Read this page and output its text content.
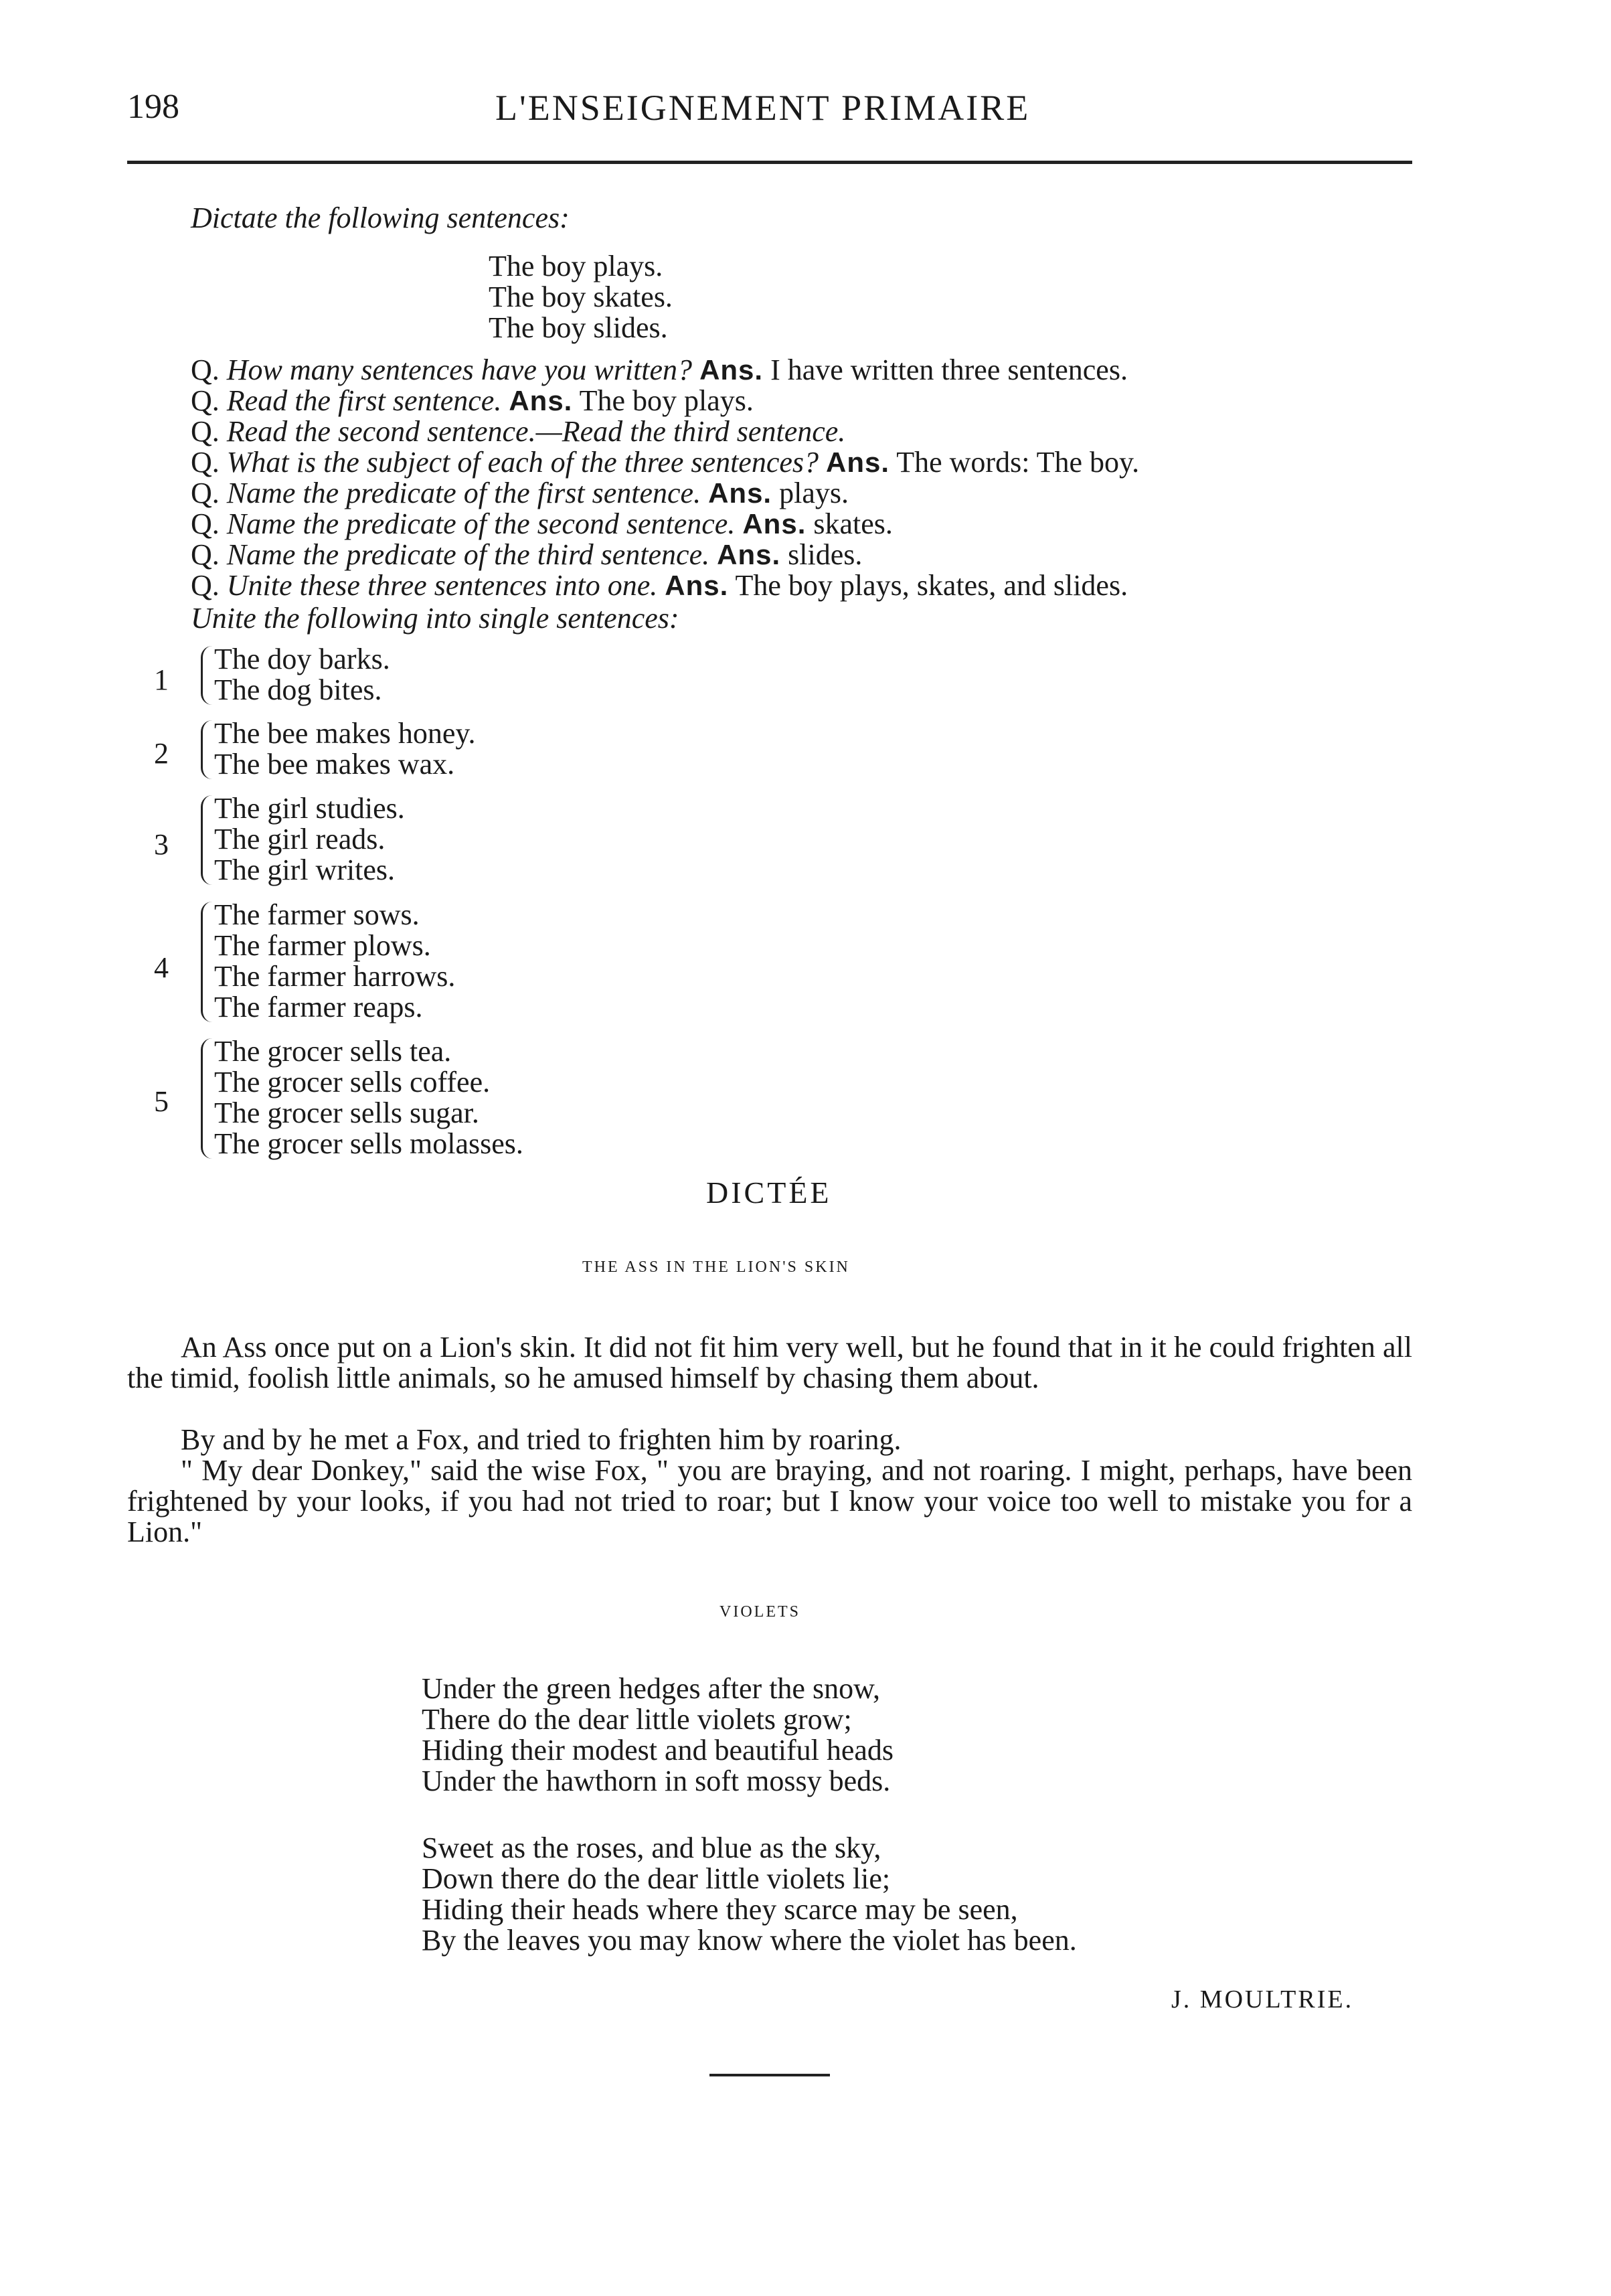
198	L'ENSEIGNEMENT PRIMAIRE
Dictate the following sentences:
The boy plays.
The boy skates.
The boy slides.
Q. How many sentences have you written? Ans. I have written three sentences.
Q. Read the first sentence. Ans. The boy plays.
Q. Read the second sentence.—Read the third sentence.
Q. What is the subject of each of the three sentences? Ans. The words: The boy.
Q. Name the predicate of the first sentence. Ans. plays.
Q. Name the predicate of the second sentence. Ans. skates.
Q. Name the predicate of the third sentence. Ans. slides.
Q. Unite these three sentences into one. Ans. The boy plays, skates, and slides.
Unite the following into single sentences:
1
The doy barks.
The dog bites.
2
The bee makes honey.
The bee makes wax.
3
The girl studies.
The girl reads.
The girl writes.
4
The farmer sows.
The farmer plows.
The farmer harrows.
The farmer reaps.
5
The grocer sells tea.
The grocer sells coffee.
The grocer sells sugar.
The grocer sells molasses.
DICTÉE
THE ASS IN THE LION'S SKIN
An Ass once put on a Lion's skin. It did not fit him very well, but he found that in it he could frighten all the timid, foolish little animals, so he amused himself by chasing them about.
By and by he met a Fox, and tried to frighten him by roaring.
" My dear Donkey," said the wise Fox, " you are braying, and not roaring. I might, perhaps, have been frightened by your looks, if you had not tried to roar; but I know your voice too well to mistake you for a Lion."
VIOLETS
Under the green hedges after the snow,
There do the dear little violets grow;
Hiding their modest and beautiful heads
Under the hawthorn in soft mossy beds.
Sweet as the roses, and blue as the sky,
Down there do the dear little violets lie;
Hiding their heads where they scarce may be seen,
By the leaves you may know where the violet has been.
J. MOULTRIE.
